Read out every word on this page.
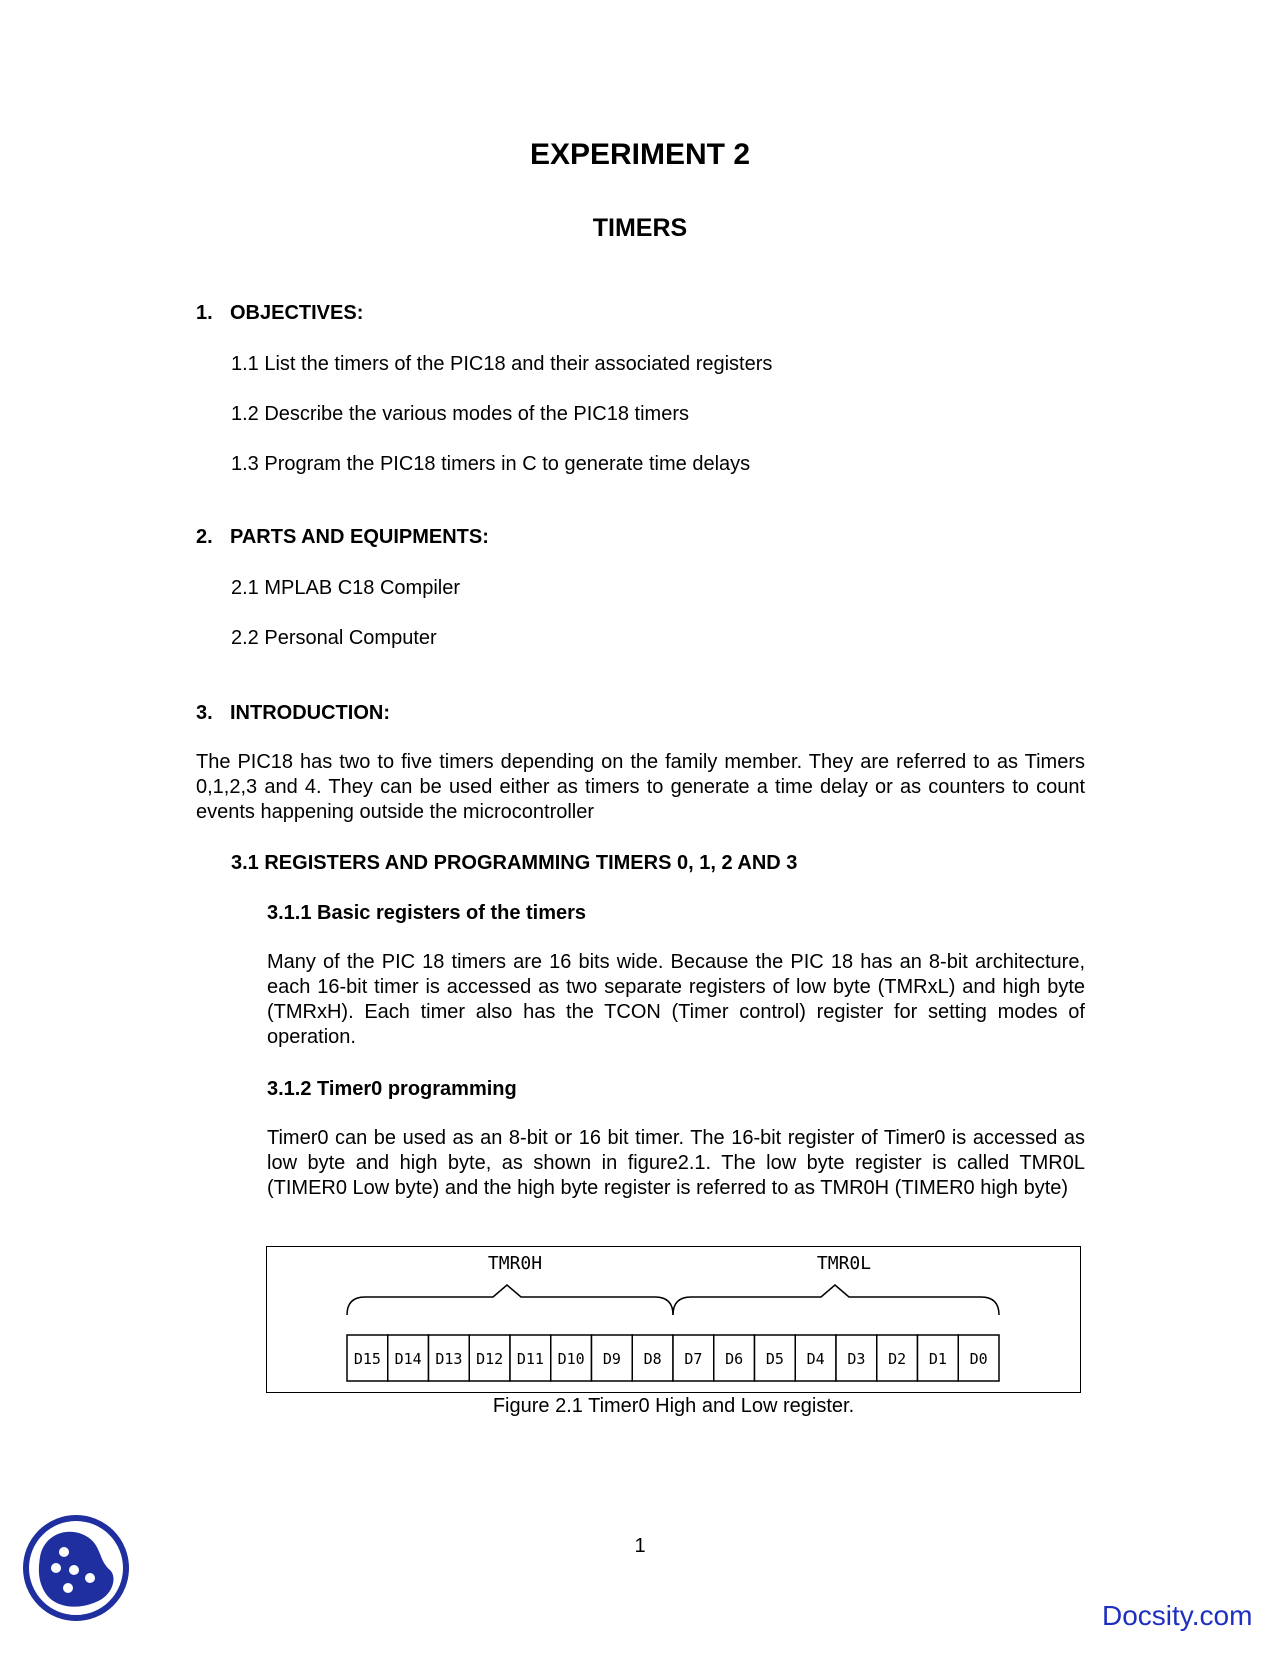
EXPERIMENT 2
TIMERS
1. OBJECTIVES:
1.1 List the timers of the PIC18 and their associated registers
1.2 Describe the various modes of the PIC18 timers
1.3 Program the PIC18 timers in C to generate time delays
2. PARTS AND EQUIPMENTS:
2.1 MPLAB C18 Compiler
2.2 Personal Computer
3. INTRODUCTION:
The PIC18 has two to five timers depending on the family member. They are referred to as Timers 0,1,2,3 and 4. They can be used either as timers to generate a time delay or as counters to count events happening outside the microcontroller
3.1 REGISTERS AND PROGRAMMING TIMERS 0, 1, 2 AND 3
3.1.1 Basic registers of the timers
Many of the PIC 18 timers are 16 bits wide. Because the PIC 18 has an 8-bit architecture, each 16-bit timer is accessed as two separate registers of low byte (TMRxL) and high byte (TMRxH). Each timer also has the TCON (Timer control) register for setting modes of operation.
3.1.2 Timer0 programming
Timer0 can be used as an 8-bit or 16 bit timer. The 16-bit register of Timer0 is accessed as low byte and high byte, as shown in figure2.1. The low byte register is called TMR0L (TIMER0 Low byte) and the high byte register is referred to as TMR0H (TIMER0 high byte)
TMR0H	TMR0L
D15 D14 D13 D12 D11 D10 D9 D8 D7 D6 D5 D4 D3 D2 D1 D0
Figure 2.1 Timer0 High and Low register.
1
Docsity.com
